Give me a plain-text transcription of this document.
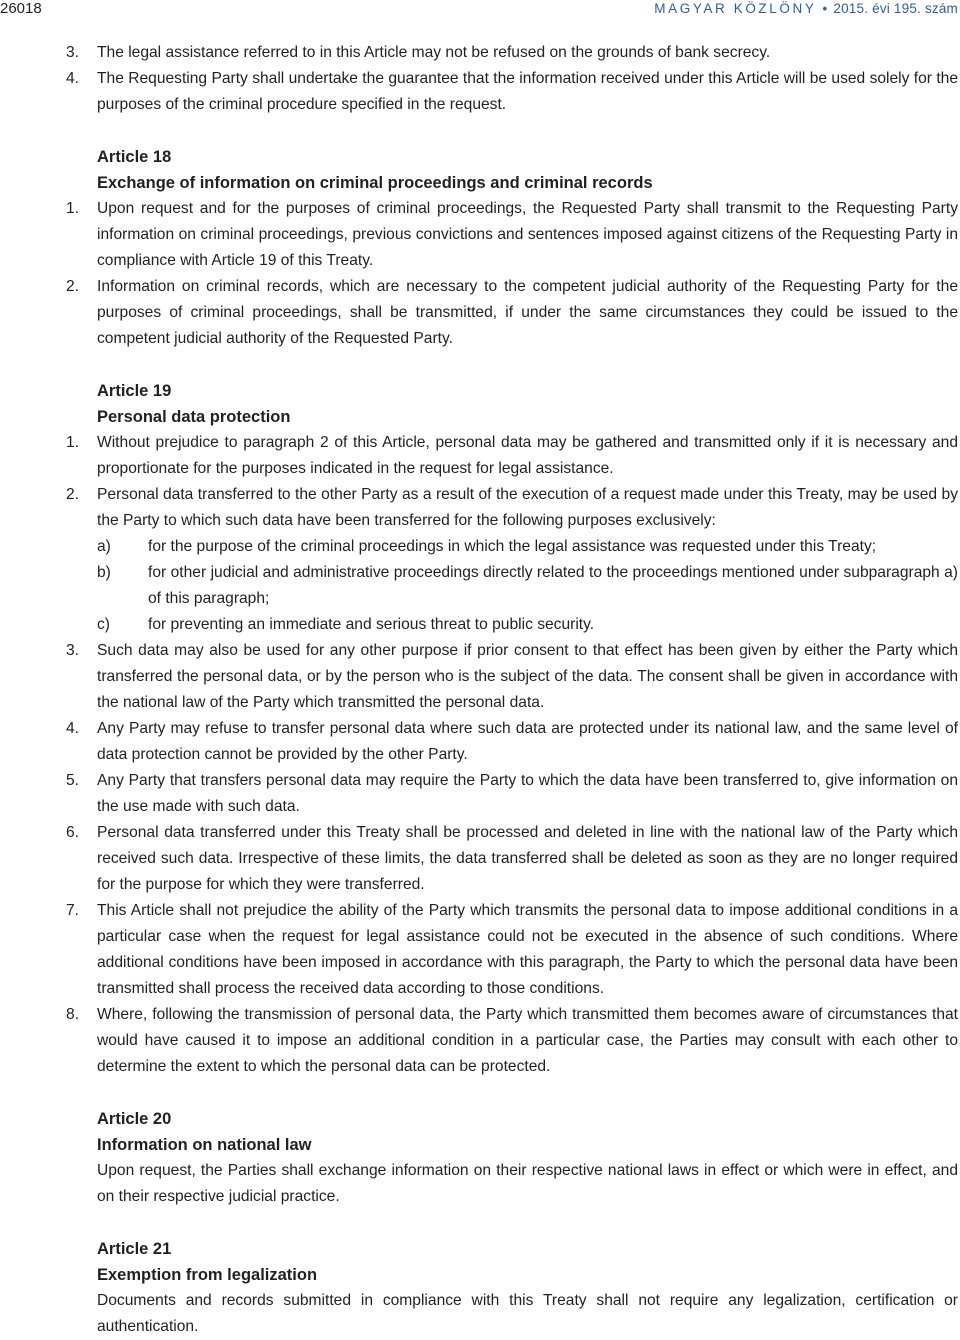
26018	MAGYAR KÖZLÖNY • 2015. évi 195. szám
3. The legal assistance referred to in this Article may not be refused on the grounds of bank secrecy.
4. The Requesting Party shall undertake the guarantee that the information received under this Article will be used solely for the purposes of the criminal procedure specified in the request.
Article 18
Exchange of information on criminal proceedings and criminal records
1. Upon request and for the purposes of criminal proceedings, the Requested Party shall transmit to the Requesting Party information on criminal proceedings, previous convictions and sentences imposed against citizens of the Requesting Party in compliance with Article 19 of this Treaty.
2. Information on criminal records, which are necessary to the competent judicial authority of the Requesting Party for the purposes of criminal proceedings, shall be transmitted, if under the same circumstances they could be issued to the competent judicial authority of the Requested Party.
Article 19
Personal data protection
1. Without prejudice to paragraph 2 of this Article, personal data may be gathered and transmitted only if it is necessary and proportionate for the purposes indicated in the request for legal assistance.
2. Personal data transferred to the other Party as a result of the execution of a request made under this Treaty, may be used by the Party to which such data have been transferred for the following purposes exclusively:
a) for the purpose of the criminal proceedings in which the legal assistance was requested under this Treaty;
b) for other judicial and administrative proceedings directly related to the proceedings mentioned under subparagraph a) of this paragraph;
c) for preventing an immediate and serious threat to public security.
3. Such data may also be used for any other purpose if prior consent to that effect has been given by either the Party which transferred the personal data, or by the person who is the subject of the data. The consent shall be given in accordance with the national law of the Party which transmitted the personal data.
4. Any Party may refuse to transfer personal data where such data are protected under its national law, and the same level of data protection cannot be provided by the other Party.
5. Any Party that transfers personal data may require the Party to which the data have been transferred to, give information on the use made with such data.
6. Personal data transferred under this Treaty shall be processed and deleted in line with the national law of the Party which received such data. Irrespective of these limits, the data transferred shall be deleted as soon as they are no longer required for the purpose for which they were transferred.
7. This Article shall not prejudice the ability of the Party which transmits the personal data to impose additional conditions in a particular case when the request for legal assistance could not be executed in the absence of such conditions. Where additional conditions have been imposed in accordance with this paragraph, the Party to which the personal data have been transmitted shall process the received data according to those conditions.
8. Where, following the transmission of personal data, the Party which transmitted them becomes aware of circumstances that would have caused it to impose an additional condition in a particular case, the Parties may consult with each other to determine the extent to which the personal data can be protected.
Article 20
Information on national law
Upon request, the Parties shall exchange information on their respective national laws in effect or which were in effect, and on their respective judicial practice.
Article 21
Exemption from legalization
Documents and records submitted in compliance with this Treaty shall not require any legalization, certification or authentication.
